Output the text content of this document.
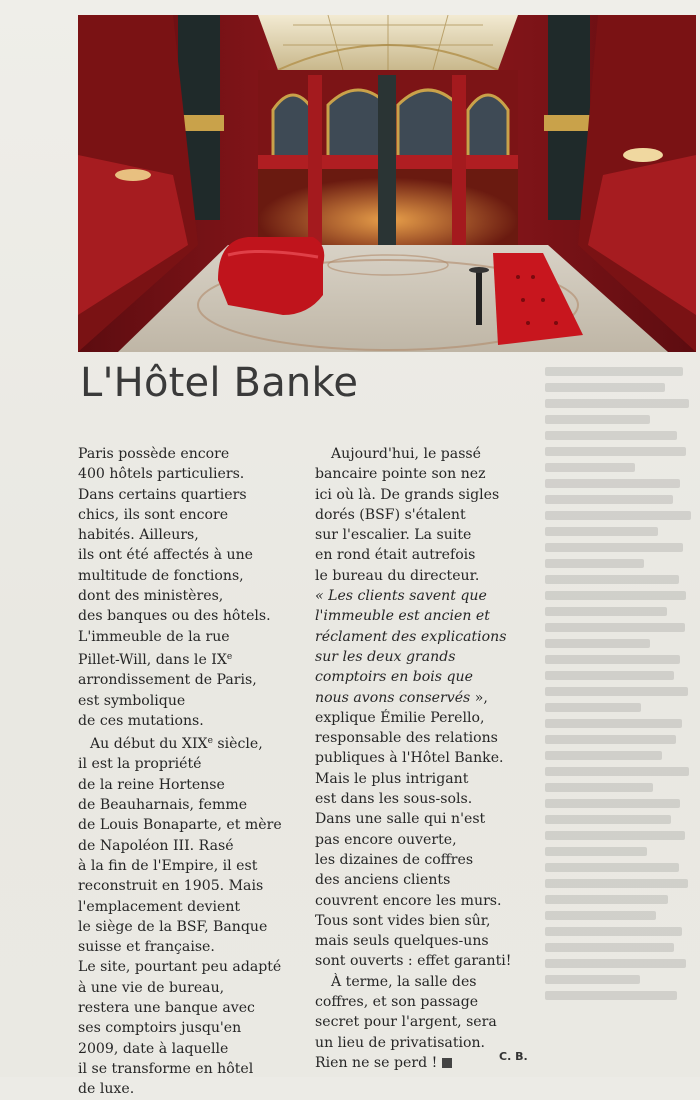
L'Hôtel Banke
Paris possède encore
400 hôtels particuliers.
Dans certains quartiers
chics, ils sont encore
habités. Ailleurs,
ils ont été affectés à une
multitude de fonctions,
dont des ministères,
des banques ou des hôtels.
L'immeuble de la rue
Pillet-Will, dans le IXe
arrondissement de Paris,
est symbolique
de ces mutations.
Au début du XIXe siècle,
il est la propriété
de la reine Hortense
de Beauharnais, femme
de Louis Bonaparte, et mère
de Napoléon III. Rasé
à la fin de l'Empire, il est
reconstruit en 1905. Mais
l'emplacement devient
le siège de la BSF, Banque
suisse et française.
Le site, pourtant peu adapté
à une vie de bureau,
restera une banque avec
ses comptoirs jusqu'en
2009, date à laquelle
il se transforme en hôtel
de luxe.
Aujourd'hui, le passé
bancaire pointe son nez
ici où là. De grands sigles
dorés (BSF) s'étalent
sur l'escalier. La suite
en rond était autrefois
le bureau du directeur.
« Les clients savent que
l'immeuble est ancien et
réclament des explications
sur les deux grands
comptoirs en bois que
nous avons conservés »,
explique Émilie Perello,
responsable des relations
publiques à l'Hôtel Banke.
Mais le plus intrigant
est dans les sous-sols.
Dans une salle qui n'est
pas encore ouverte,
les dizaines de coffres
des anciens clients
couvrent encore les murs.
Tous sont vides bien sûr,
mais seuls quelques-uns
sont ouverts : effet garanti!
À terme, la salle des
coffres, et son passage
secret pour l'argent, sera
un lieu de privatisation.
Rien ne se perd !	C. B.
